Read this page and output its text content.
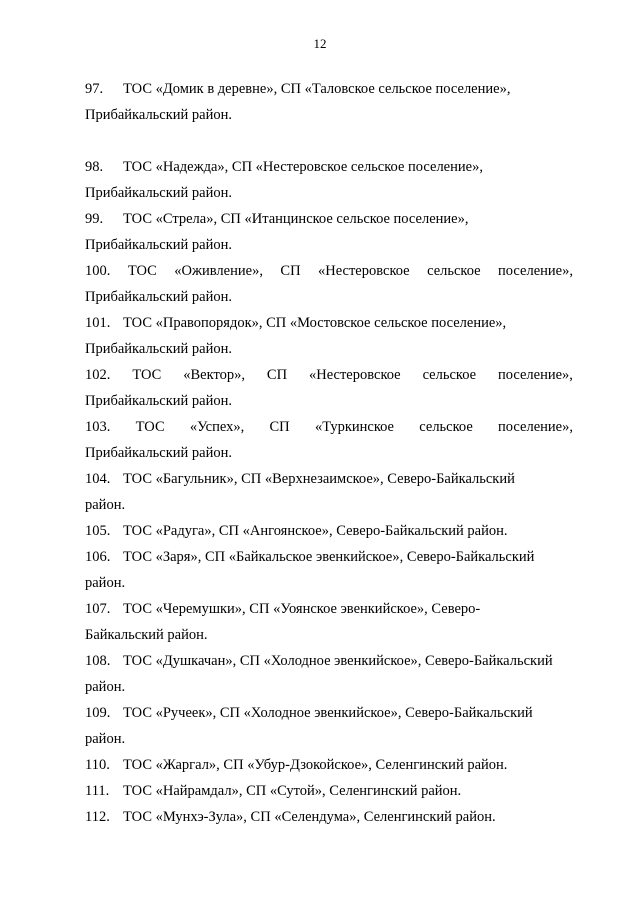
12

97. ТОС «Домик в деревне», СП «Таловское сельское поселение»,
Прибайкальский район.

98. ТОС «Надежда», СП «Нестеровское сельское поселение»,
Прибайкальский район.

99. ТОС «Стрела», СП «Итанцинское сельское поселение»,
Прибайкальский район.

100. ТОС «Оживление», СП «Нестеровское сельское поселение»,
Прибайкальский район.

101. ТОС «Правопорядок», СП «Мостовское сельское поселение»,
Прибайкальский район.

102. ТОС «Вектор», СП «Нестеровское сельское поселение»,
Прибайкальский район.

103. ТОС «Успех», СП «Туркинское сельское поселение»,
Прибайкальский район.

104. ТОС «Багульник», СП «Верхнезаимское», Северо-Байкальский
район.

105. ТОС «Радуга», СП «Ангоянское», Северо-Байкальский район.

106. ТОС «Заря», СП «Байкальское эвенкийское», Северо-Байкальский
район.

107. ТОС «Черемушки», СП «Уоянское эвенкийское», Северо-
Байкальский район.

108. ТОС «Душкачан», СП «Холодное эвенкийское», Северо-Байкальский
район.

109. ТОС «Ручеек», СП «Холодное эвенкийское», Северо-Байкальский
район.

110. ТОС «Жаргал», СП «Убур-Дзокойское», Селенгинский район.

111. ТОС «Найрамдал», СП «Сутой», Селенгинский район.

112. ТОС «Мунхэ-Зула», СП «Селендума», Селенгинский район.
